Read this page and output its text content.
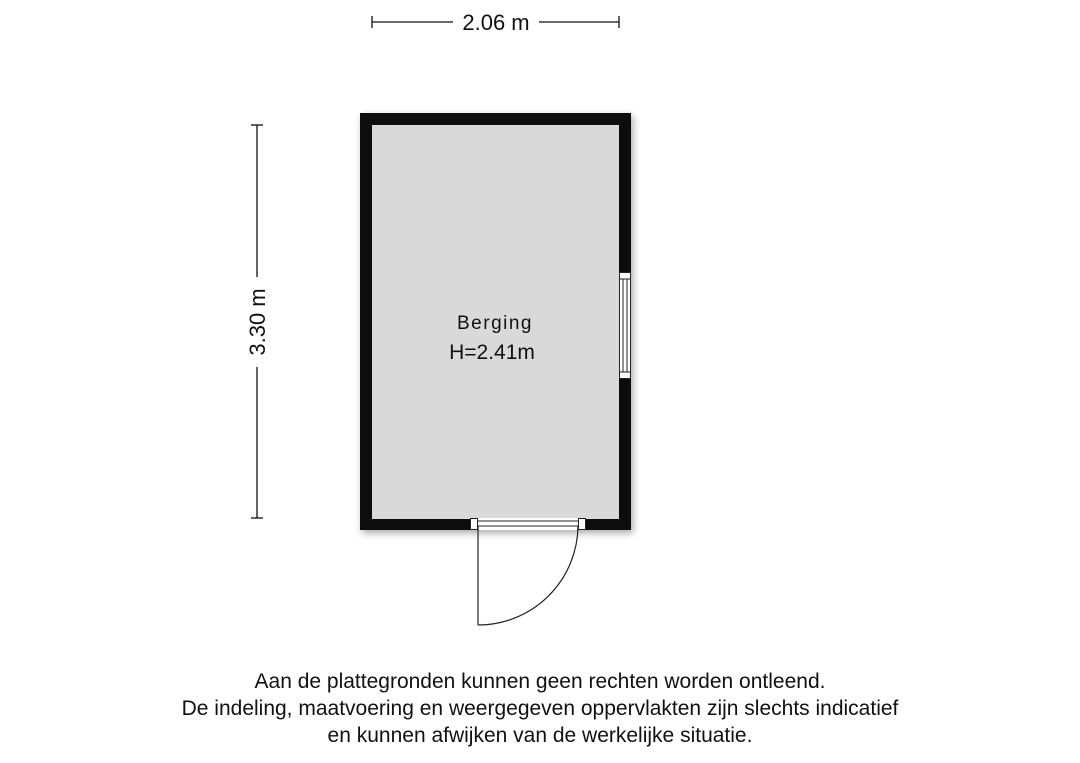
2.06 m
3.30 m	Berging
H=2.41m
Aan de plattegronden kunnen geen rechten worden ontleend.
De indeling, maatvoering en weergegeven oppervlakten zijn slechts indicatief
en kunnen afwijken van de werkelijke situatie.
